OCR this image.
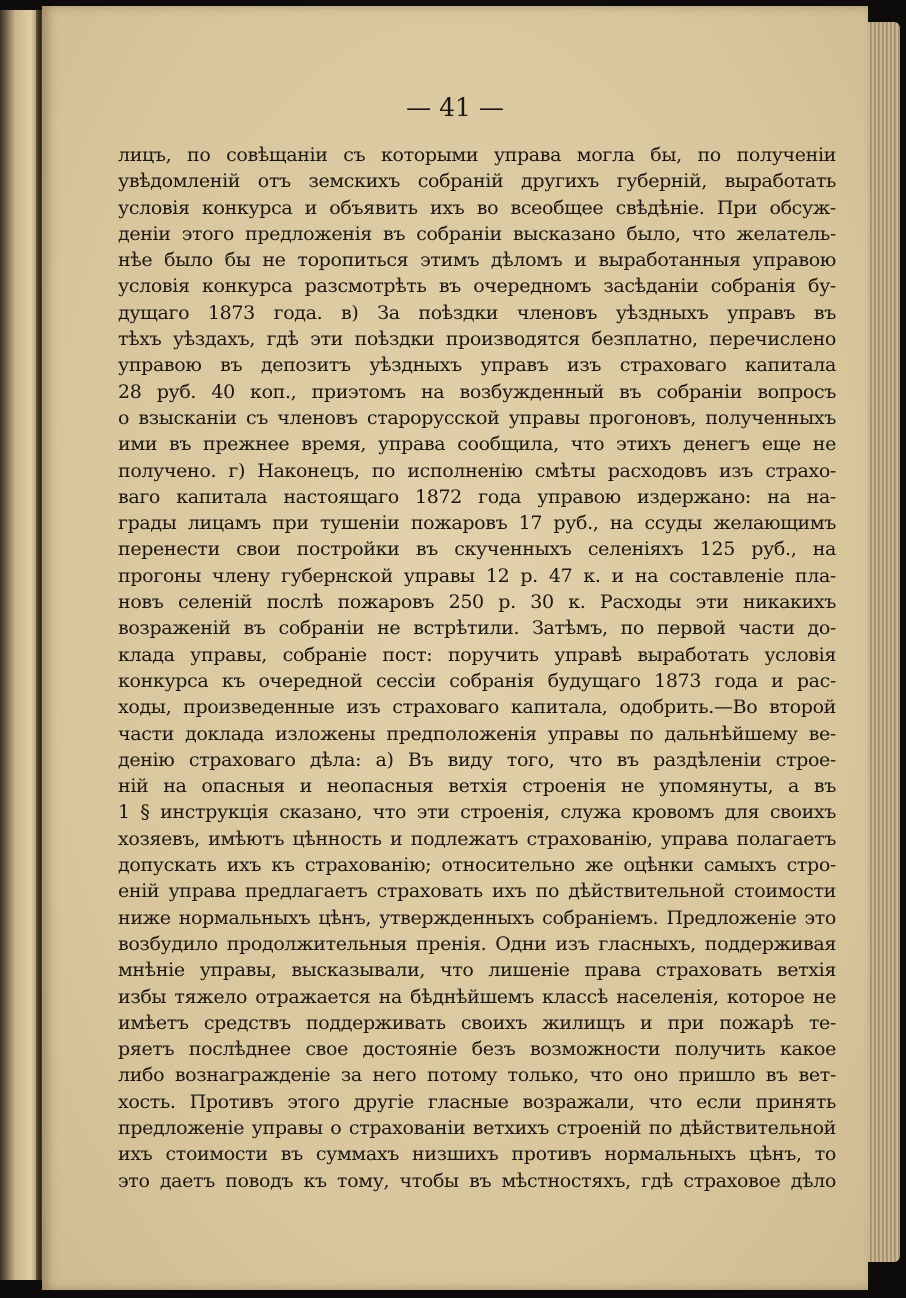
— 41 —
лицъ, по совѣщаніи съ которыми управа могла бы, по полученіи
увѣдомленій отъ земскихъ собраній другихъ губерній, выработать
условія конкурса и объявить ихъ во всеобщее свѣдѣніе. При обсуж-
деніи этого предложенія въ собраніи высказано было, что желатель-
нѣе было бы не торопиться этимъ дѣломъ и выработанныя управою
условія конкурса разсмотрѣть въ очередномъ засѣданіи собранія бу-
дущаго 1873 года. в) За поѣздки членовъ уѣздныхъ управъ въ
тѣхъ уѣздахъ, гдѣ эти поѣздки производятся безплатно, перечислено
управою въ депозитъ уѣздныхъ управъ изъ страховаго капитала
28 руб. 40 коп., приэтомъ на возбужденный въ собраніи вопросъ
о взысканіи съ членовъ старорусской управы прогоновъ, полученныхъ
ими въ прежнее время, управа сообщила, что этихъ денегъ еще не
получено. г) Наконецъ, по исполненію смѣты расходовъ изъ страхо-
ваго капитала настоящаго 1872 года управою издержано: на на-
грады лицамъ при тушеніи пожаровъ 17 руб., на ссуды желающимъ
перенести свои постройки въ скученныхъ селеніяхъ 125 руб., на
прогоны члену губернской управы 12 р. 47 к. и на составленіе пла-
новъ селеній послѣ пожаровъ 250 р. 30 к. Расходы эти никакихъ
возраженій въ собраніи не встрѣтили. Затѣмъ, по первой части до-
клада управы, собраніе пост: поручить управѣ выработать условія
конкурса къ очередной сессіи собранія будущаго 1873 года и рас-
ходы, произведенные изъ страховаго капитала, одобрить.—Во второй
части доклада изложены предположенія управы по дальнѣйшему ве-
денію страховаго дѣла: а) Въ виду того, что въ раздѣленіи строе-
ній на опасныя и неопасныя ветхія строенія не упомянуты, а въ
1 § инструкція сказано, что эти строенія, служа кровомъ для своихъ
хозяевъ, имѣютъ цѣнность и подлежатъ страхованію, управа полагаетъ
допускать ихъ къ страхованію; относительно же оцѣнки самыхъ стро-
еній управа предлагаетъ страховать ихъ по дѣйствительной стоимости
ниже нормальныхъ цѣнъ, утвержденныхъ собраніемъ. Предложеніе это
возбудило продолжительныя пренія. Одни изъ гласныхъ, поддерживая
мнѣніе управы, высказывали, что лишеніе права страховать ветхія
избы тяжело отражается на бѣднѣйшемъ классѣ населенія, которое не
имѣетъ средствъ поддерживать своихъ жилищъ и при пожарѣ те-
ряетъ послѣднее свое достояніе безъ возможности получить какое
либо вознагражденіе за него потому только, что оно пришло въ вет-
хость. Противъ этого другіе гласные возражали, что если принять
предложеніе управы о страхованіи ветхихъ строеній по дѣйствительной
ихъ стоимости въ суммахъ низшихъ противъ нормальныхъ цѣнъ, то
это даетъ поводъ къ тому, чтобы въ мѣстностяхъ, гдѣ страховое дѣло
